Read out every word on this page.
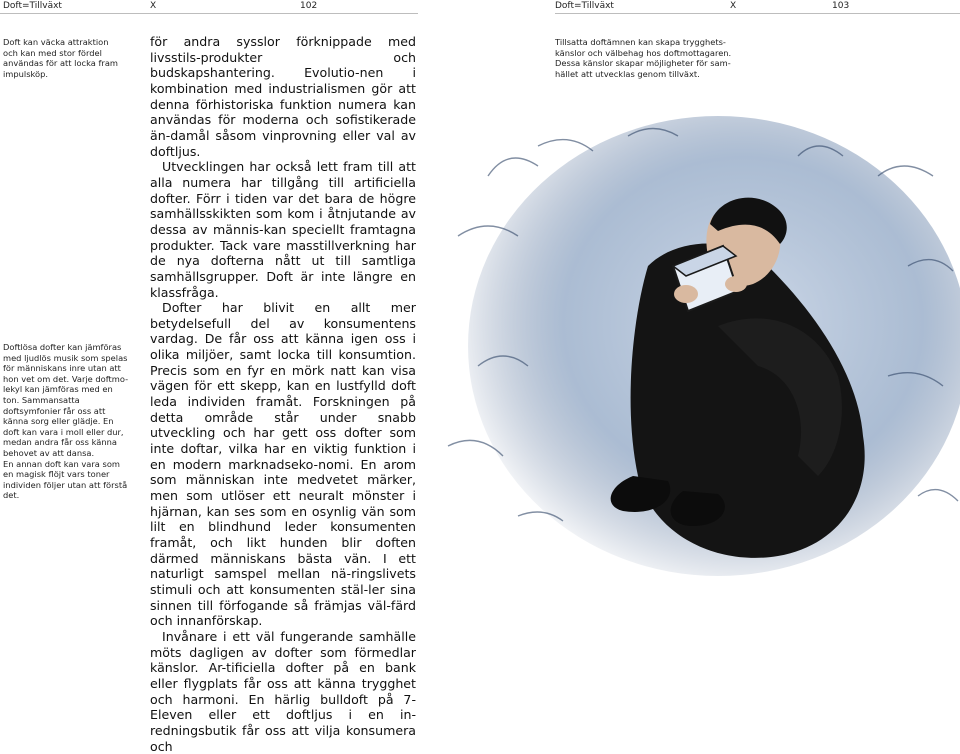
Doft=Tillväxt	X	102	Doft=Tillväxt	X	103

Doft kan väcka attraktion och kan med stor fördel användas för att locka fram impulsköp.

Doftlösa dofter kan jämföras med ljudlös musik som spelas för människans inre utan att hon vet om det. Varje doftmo-lekyl kan jämföras med en ton. Sammansatta doftsymfonier får oss att känna sorg eller glädje. En doft kan vara i moll eller dur, medan andra får oss känna behovet av att dansa.

En annan doft kan vara som en magisk flöjt vars toner individen följer utan att förstå det.

för andra sysslor förknippade med livsstils-produkter och budskapshantering. Evolutio-nen i kombination med industrialismen gör att denna förhistoriska funktion numera kan användas för moderna och sofistikerade än-damål såsom vinprovning eller val av doftljus.

Utvecklingen har också lett fram till att alla numera har tillgång till artificiella dofter. Förr i tiden var det bara de högre samhällsskikten som kom i åtnjutande av dessa av männis-kan speciellt framtagna produkter. Tack vare masstillverkning har de nya dofterna nått ut till samtliga samhällsgrupper. Doft är inte längre en klassfråga.

Dofter har blivit en allt mer betydelsefull del av konsumentens vardag. De får oss att känna igen oss i olika miljöer, samt locka till konsumtion. Precis som en fyr en mörk natt kan visa vägen för ett skepp, kan en lustfylld doft leda individen framåt. Forskningen på detta område står under snabb utveckling och har gett oss dofter som inte doftar, vilka har en viktig funktion i en modern marknadseko-nomi. En arom som människan inte medvetet märker, men som utlöser ett neuralt mönster i hjärnan, kan ses som en osynlig vän som lilt en blindhund leder konsumenten framåt, och likt hunden blir doften därmed människans bästa vän. I ett naturligt samspel mellan nä-ringslivets stimuli och att konsumenten stäl-ler sina sinnen till förfogande så främjas väl-färd och innanförskap.

Invånare i ett väl fungerande samhälle möts dagligen av dofter som förmedlar känslor. Ar-tificiella dofter på en bank eller flygplats får oss att känna trygghet och harmoni. En härlig bulldoft på 7-Eleven eller ett doftljus i en in-redningsbutik får oss att vilja konsumera och

Tillsatta doftämnen kan skapa trygghets-känslor och välbehag hos doftmottagaren. Dessa känslor skapar möjligheter för sam-hället att utvecklas genom tillväxt.
